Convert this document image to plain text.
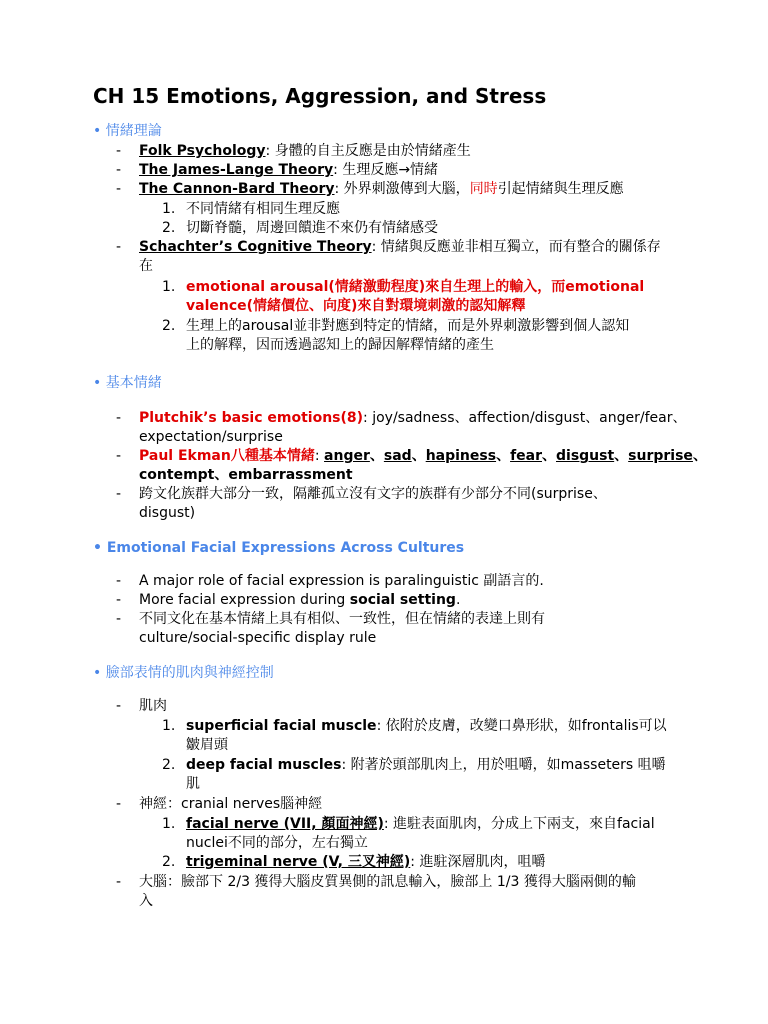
CH 15 Emotions, Aggression, and Stress
• 情緒理論
- Folk Psychology: 身體的自主反應是由於情緒產生
- The James-Lange Theory: 生理反應→情緒
- The Cannon-Bard Theory: 外界刺激傳到大腦，同時引起情緒與生理反應
1. 不同情緒有相同生理反應
2. 切斷脊髓，周邊回饋進不來仍有情緒感受
- Schachter’s Cognitive Theory: 情緒與反應並非相互獨立，而有整合的關係存
在
1. emotional arousal(情緒激動程度)來自生理上的輸入，而emotional
valence(情緒價位、向度)來自對環境刺激的認知解釋
2. 生理上的arousal並非對應到特定的情緒，而是外界刺激影響到個人認知
上的解釋，因而透過認知上的歸因解釋情緒的產生
• 基本情緒
- Plutchik’s basic emotions(8): joy/sadness、affection/disgust、anger/fear、
expectation/surprise
- Paul Ekman八種基本情緒: anger、sad、hapiness、fear、disgust、surprise、
contempt、embarrassment
- 跨文化族群大部分一致，隔離孤立沒有文字的族群有少部分不同(surprise、
disgust)
• Emotional Facial Expressions Across Cultures
- A major role of facial expression is paralinguistic 副語言的.
- More facial expression during social setting.
- 不同文化在基本情緒上具有相似、一致性，但在情緒的表達上則有
culture/social-specific display rule
• 臉部表情的肌肉與神經控制
- 肌肉
1. superficial facial muscle: 依附於皮膚，改變口鼻形狀，如frontalis可以
皺眉頭
2. deep facial muscles: 附著於頭部肌肉上，用於咀嚼，如masseters 咀嚼
肌
- 神經：cranial nerves腦神經
1. facial nerve (VII, 顏面神經): 進駐表面肌肉，分成上下兩支，來自facial
nuclei不同的部分，左右獨立
2. trigeminal nerve (V, 三叉神經): 進駐深層肌肉，咀嚼
- 大腦：臉部下 2/3 獲得大腦皮質異側的訊息輸入，臉部上 1/3 獲得大腦兩側的輸
入
